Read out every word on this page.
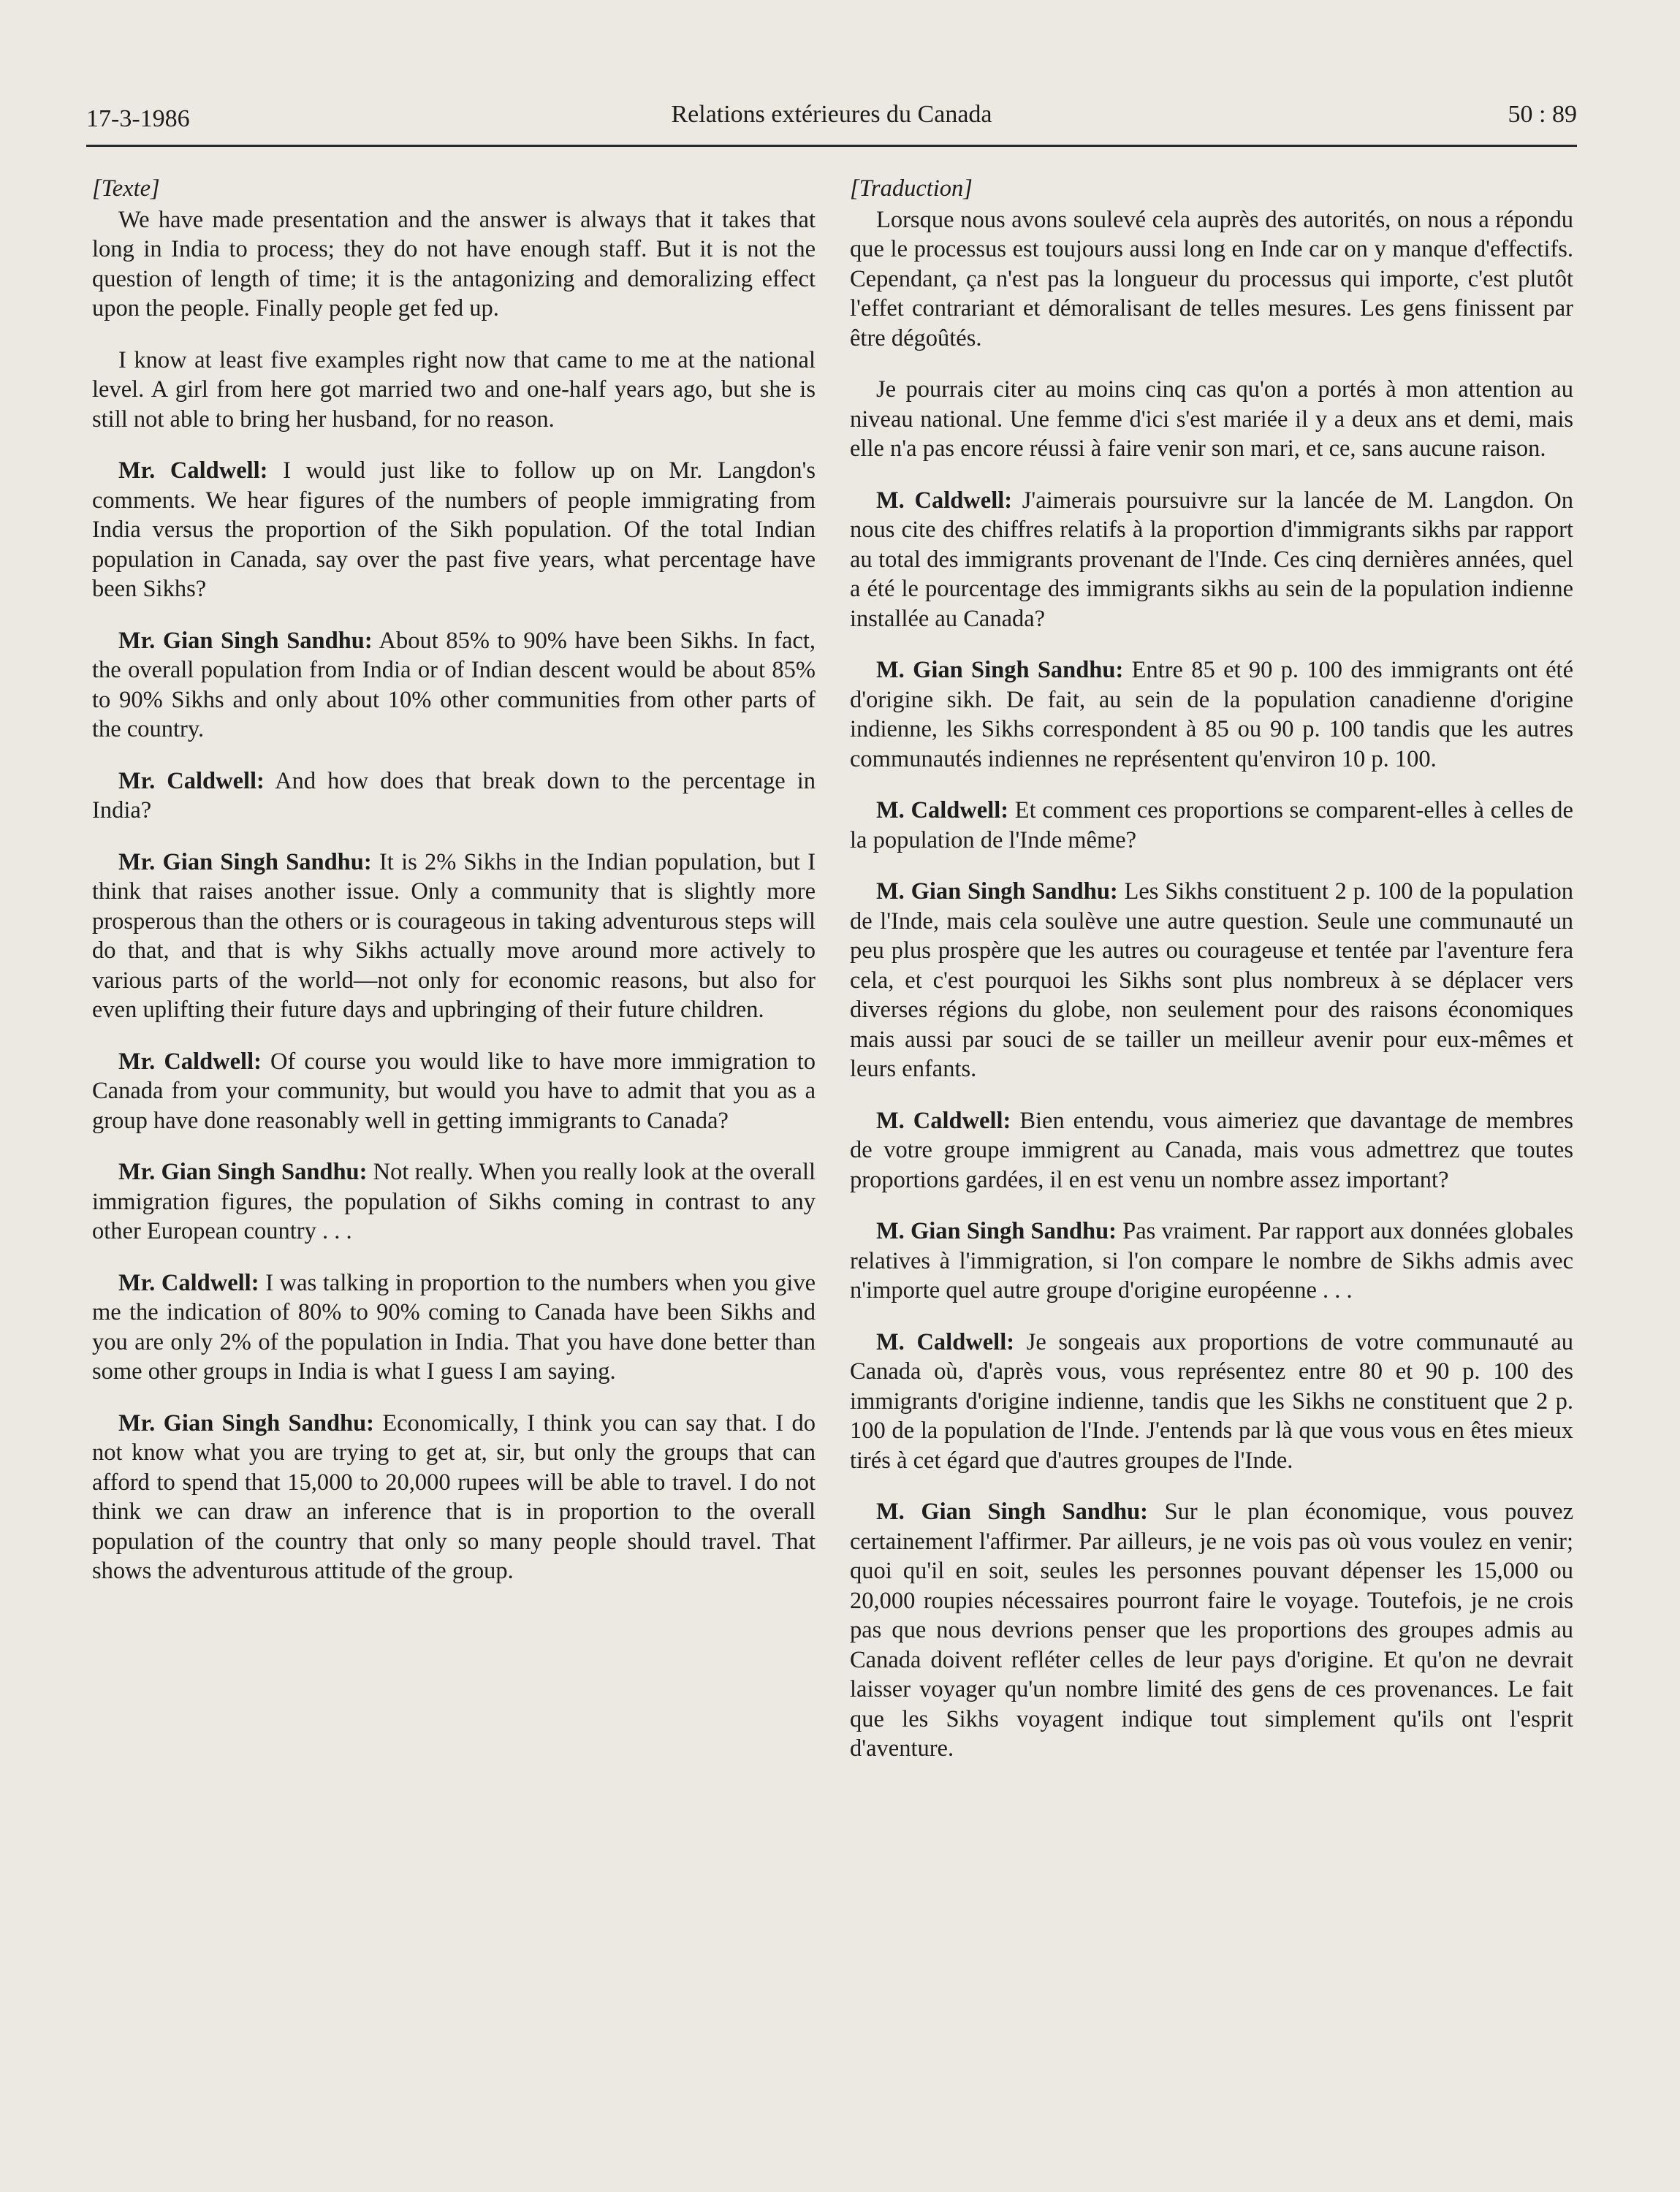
17-3-1986	Relations extérieures du Canada	50 : 89
[Texte]

We have made presentation and the answer is always that it takes that long in India to process; they do not have enough staff. But it is not the question of length of time; it is the antagonizing and demoralizing effect upon the people. Finally people get fed up.

I know at least five examples right now that came to me at the national level. A girl from here got married two and one-half years ago, but she is still not able to bring her husband, for no reason.

Mr. Caldwell: I would just like to follow up on Mr. Langdon's comments. We hear figures of the numbers of people immigrating from India versus the proportion of the Sikh population. Of the total Indian population in Canada, say over the past five years, what percentage have been Sikhs?

Mr. Gian Singh Sandhu: About 85% to 90% have been Sikhs. In fact, the overall population from India or of Indian descent would be about 85% to 90% Sikhs and only about 10% other communities from other parts of the country.

Mr. Caldwell: And how does that break down to the percentage in India?

Mr. Gian Singh Sandhu: It is 2% Sikhs in the Indian population, but I think that raises another issue. Only a community that is slightly more prosperous than the others or is courageous in taking adventurous steps will do that, and that is why Sikhs actually move around more actively to various parts of the world—not only for economic reasons, but also for even uplifting their future days and upbringing of their future children.

Mr. Caldwell: Of course you would like to have more immigration to Canada from your community, but would you have to admit that you as a group have done reasonably well in getting immigrants to Canada?

Mr. Gian Singh Sandhu: Not really. When you really look at the overall immigration figures, the population of Sikhs coming in contrast to any other European country . . .

Mr. Caldwell: I was talking in proportion to the numbers when you give me the indication of 80% to 90% coming to Canada have been Sikhs and you are only 2% of the population in India. That you have done better than some other groups in India is what I guess I am saying.

Mr. Gian Singh Sandhu: Economically, I think you can say that. I do not know what you are trying to get at, sir, but only the groups that can afford to spend that 15,000 to 20,000 rupees will be able to travel. I do not think we can draw an inference that is in proportion to the overall population of the country that only so many people should travel. That shows the adventurous attitude of the group.

[Traduction]

Lorsque nous avons soulevé cela auprès des autorités, on nous a répondu que le processus est toujours aussi long en Inde car on y manque d'effectifs. Cependant, ça n'est pas la longueur du processus qui importe, c'est plutôt l'effet contrariant et démoralisant de telles mesures. Les gens finissent par être dégoûtés.

Je pourrais citer au moins cinq cas qu'on a portés à mon attention au niveau national. Une femme d'ici s'est mariée il y a deux ans et demi, mais elle n'a pas encore réussi à faire venir son mari, et ce, sans aucune raison.

M. Caldwell: J'aimerais poursuivre sur la lancée de M. Langdon. On nous cite des chiffres relatifs à la proportion d'immigrants sikhs par rapport au total des immigrants provenant de l'Inde. Ces cinq dernières années, quel a été le pourcentage des immigrants sikhs au sein de la population indienne installée au Canada?

M. Gian Singh Sandhu: Entre 85 et 90 p. 100 des immigrants ont été d'origine sikh. De fait, au sein de la population canadienne d'origine indienne, les Sikhs correspondent à 85 ou 90 p. 100 tandis que les autres communautés indiennes ne représentent qu'environ 10 p. 100.

M. Caldwell: Et comment ces proportions se comparent-elles à celles de la population de l'Inde même?

M. Gian Singh Sandhu: Les Sikhs constituent 2 p. 100 de la population de l'Inde, mais cela soulève une autre question. Seule une communauté un peu plus prospère que les autres ou courageuse et tentée par l'aventure fera cela, et c'est pourquoi les Sikhs sont plus nombreux à se déplacer vers diverses régions du globe, non seulement pour des raisons économiques mais aussi par souci de se tailler un meilleur avenir pour eux-mêmes et leurs enfants.

M. Caldwell: Bien entendu, vous aimeriez que davantage de membres de votre groupe immigrent au Canada, mais vous admettrez que toutes proportions gardées, il en est venu un nombre assez important?

M. Gian Singh Sandhu: Pas vraiment. Par rapport aux données globales relatives à l'immigration, si l'on compare le nombre de Sikhs admis avec n'importe quel autre groupe d'origine européenne . . .

M. Caldwell: Je songeais aux proportions de votre communauté au Canada où, d'après vous, vous représentez entre 80 et 90 p. 100 des immigrants d'origine indienne, tandis que les Sikhs ne constituent que 2 p. 100 de la population de l'Inde. J'entends par là que vous vous en êtes mieux tirés à cet égard que d'autres groupes de l'Inde.

M. Gian Singh Sandhu: Sur le plan économique, vous pouvez certainement l'affirmer. Par ailleurs, je ne vois pas où vous voulez en venir; quoi qu'il en soit, seules les personnes pouvant dépenser les 15,000 ou 20,000 roupies nécessaires pourront faire le voyage. Toutefois, je ne crois pas que nous devrions penser que les proportions des groupes admis au Canada doivent refléter celles de leur pays d'origine. Et qu'on ne devrait laisser voyager qu'un nombre limité des gens de ces provenances. Le fait que les Sikhs voyagent indique tout simplement qu'ils ont l'esprit d'aventure.
